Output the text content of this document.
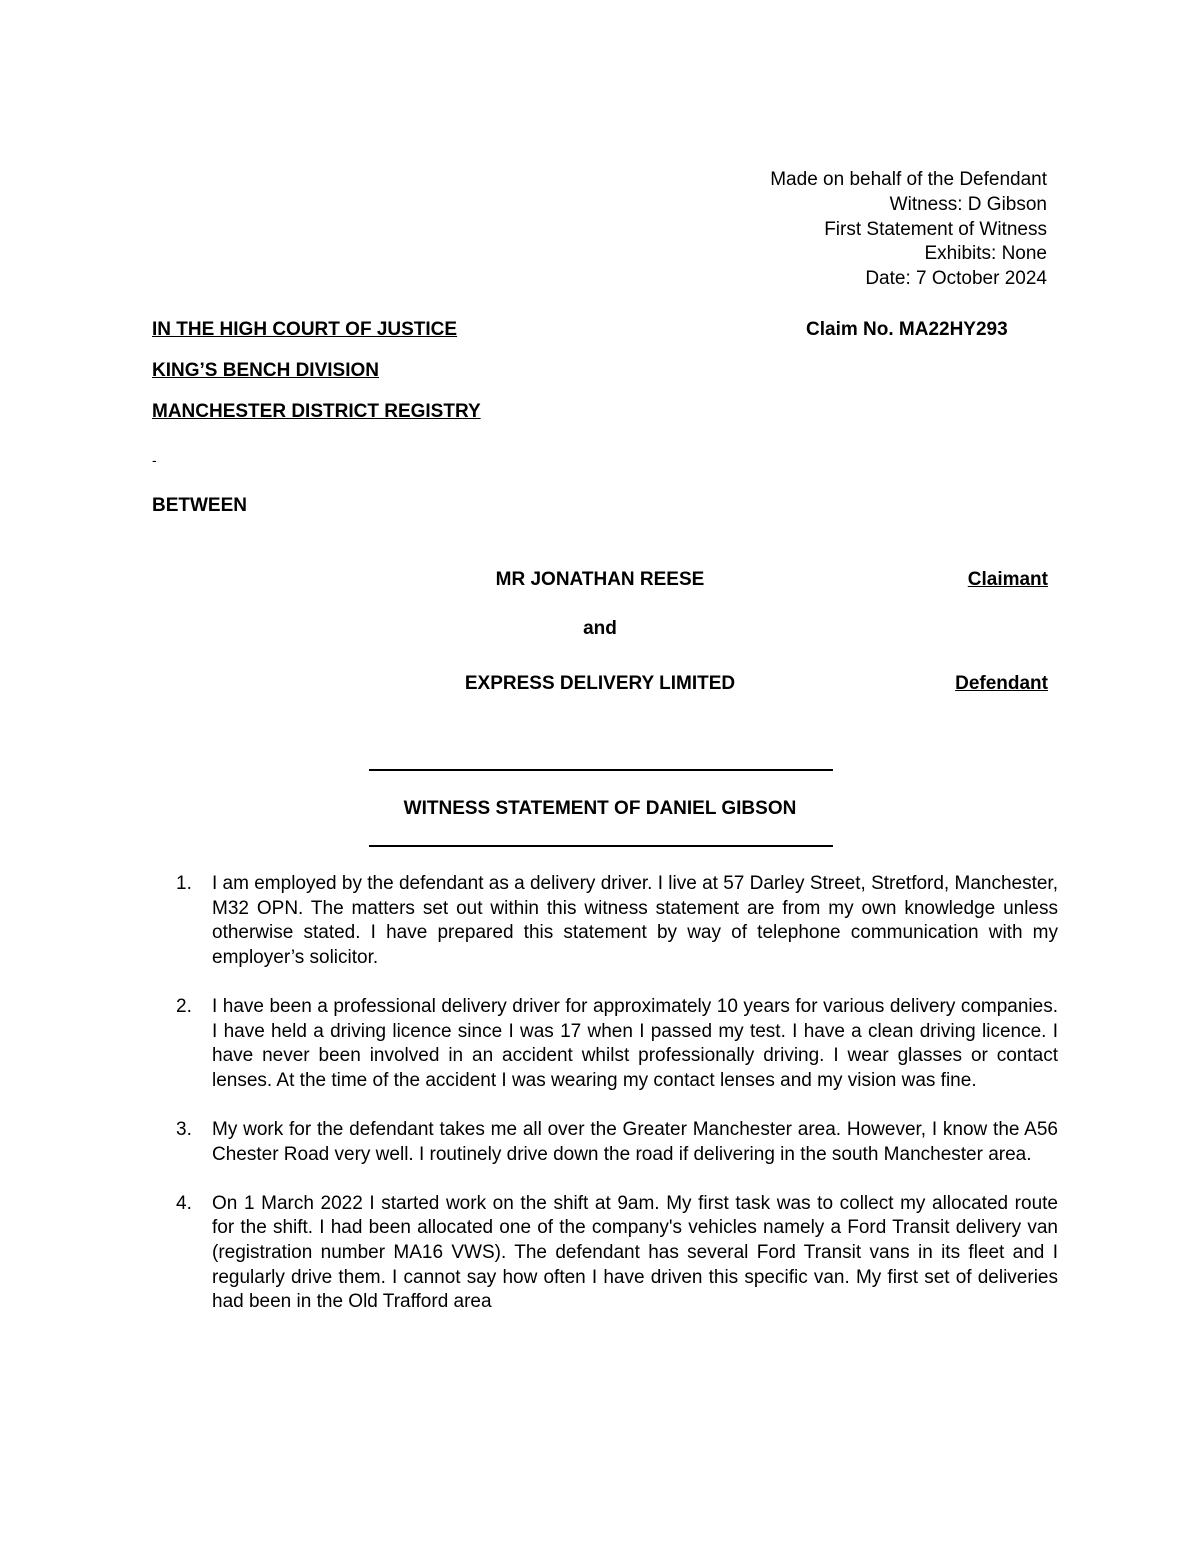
Made on behalf of the Defendant
Witness: D Gibson
First Statement of Witness
Exhibits: None
Date: 7 October 2024
IN THE HIGH COURT OF JUSTICE
KING’S BENCH DIVISION
MANCHESTER DISTRICT REGISTRY
Claim No. MA22HY293
-
BETWEEN
MR JONATHAN REESE	Claimant
and
EXPRESS DELIVERY LIMITED	Defendant
WITNESS STATEMENT OF DANIEL GIBSON
1. I am employed by the defendant as a delivery driver. I live at 57 Darley Street, Stretford, Manchester, M32 OPN. The matters set out within this witness statement are from my own knowledge unless otherwise stated. I have prepared this statement by way of telephone communication with my employer’s solicitor.
2. I have been a professional delivery driver for approximately 10 years for various delivery companies. I have held a driving licence since I was 17 when I passed my test. I have a clean driving licence. I have never been involved in an accident whilst professionally driving. I wear glasses or contact lenses. At the time of the accident I was wearing my contact lenses and my vision was fine.
3. My work for the defendant takes me all over the Greater Manchester area. However, I know the A56 Chester Road very well. I routinely drive down the road if delivering in the south Manchester area.
4. On 1 March 2022 I started work on the shift at 9am. My first task was to collect my allocated route for the shift. I had been allocated one of the company's vehicles namely a Ford Transit delivery van (registration number MA16 VWS). The defendant has several Ford Transit vans in its fleet and I regularly drive them. I cannot say how often I have driven this specific van. My first set of deliveries had been in the Old Trafford area
